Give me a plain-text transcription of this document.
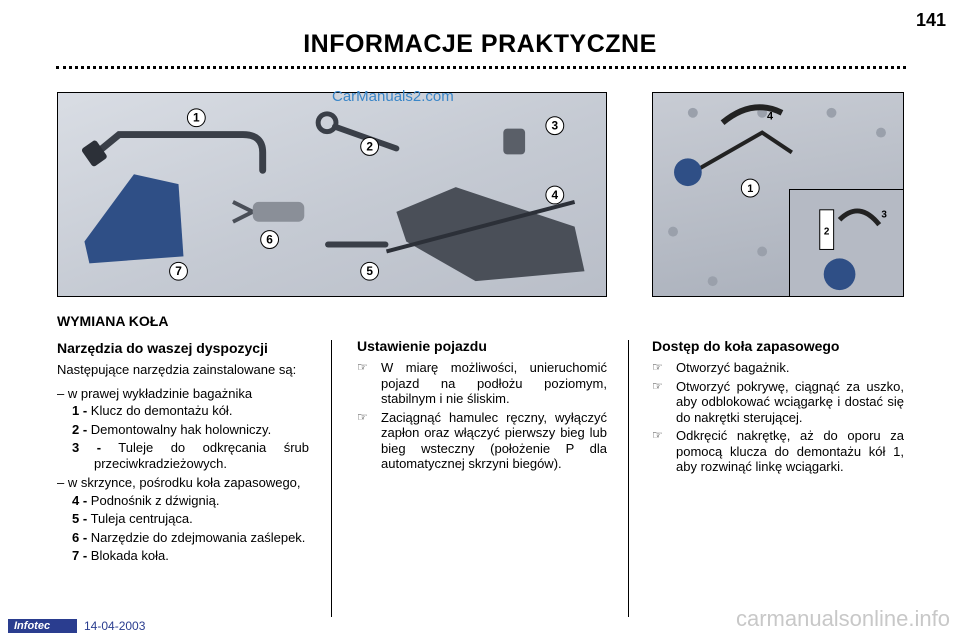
141
INFORMACJE PRAKTYCZNE
1
2
3
4
5
6
7
CarManuals2.com
4
1
2
3
WYMIANA KOŁA
Narzędzia do waszej dyspozycji

Następujące narzędzia zainstalowane są:

– w prawej wykładzinie bagażnika

1 - Klucz do demontażu kół.

2 - Demontowalny hak holowniczy.

3 - Tuleje do odkręcania śrub przeciwkradzieżowych.

– w skrzynce, pośrodku koła zapasowego,

4 - Podnośnik z dźwignią.

5 - Tuleja centrująca.

6 - Narzędzie do zdejmowania zaślepek.

7 - Blokada koła.

Ustawienie pojazdu

☞ W miarę możliwości, unieruchomić pojazd na podłożu poziomym, stabilnym i nie śliskim.

☞ Zaciągnąć hamulec ręczny, wyłączyć zapłon oraz włączyć pierwszy bieg lub bieg wsteczny (położenie P dla automatycznej skrzyni biegów).

Dostęp do koła zapasowego

☞ Otworzyć bagażnik.

☞ Otworzyć pokrywę, ciągnąć za uszko, aby odblokować wciągarkę i dostać się do nakrętki sterującej.

☞ Odkręcić nakrętkę, aż do oporu za pomocą klucza do demontażu kół 1, aby rozwinąć linkę wciągarki.

Infotec	14-04-2003	carmanualsonline.info
